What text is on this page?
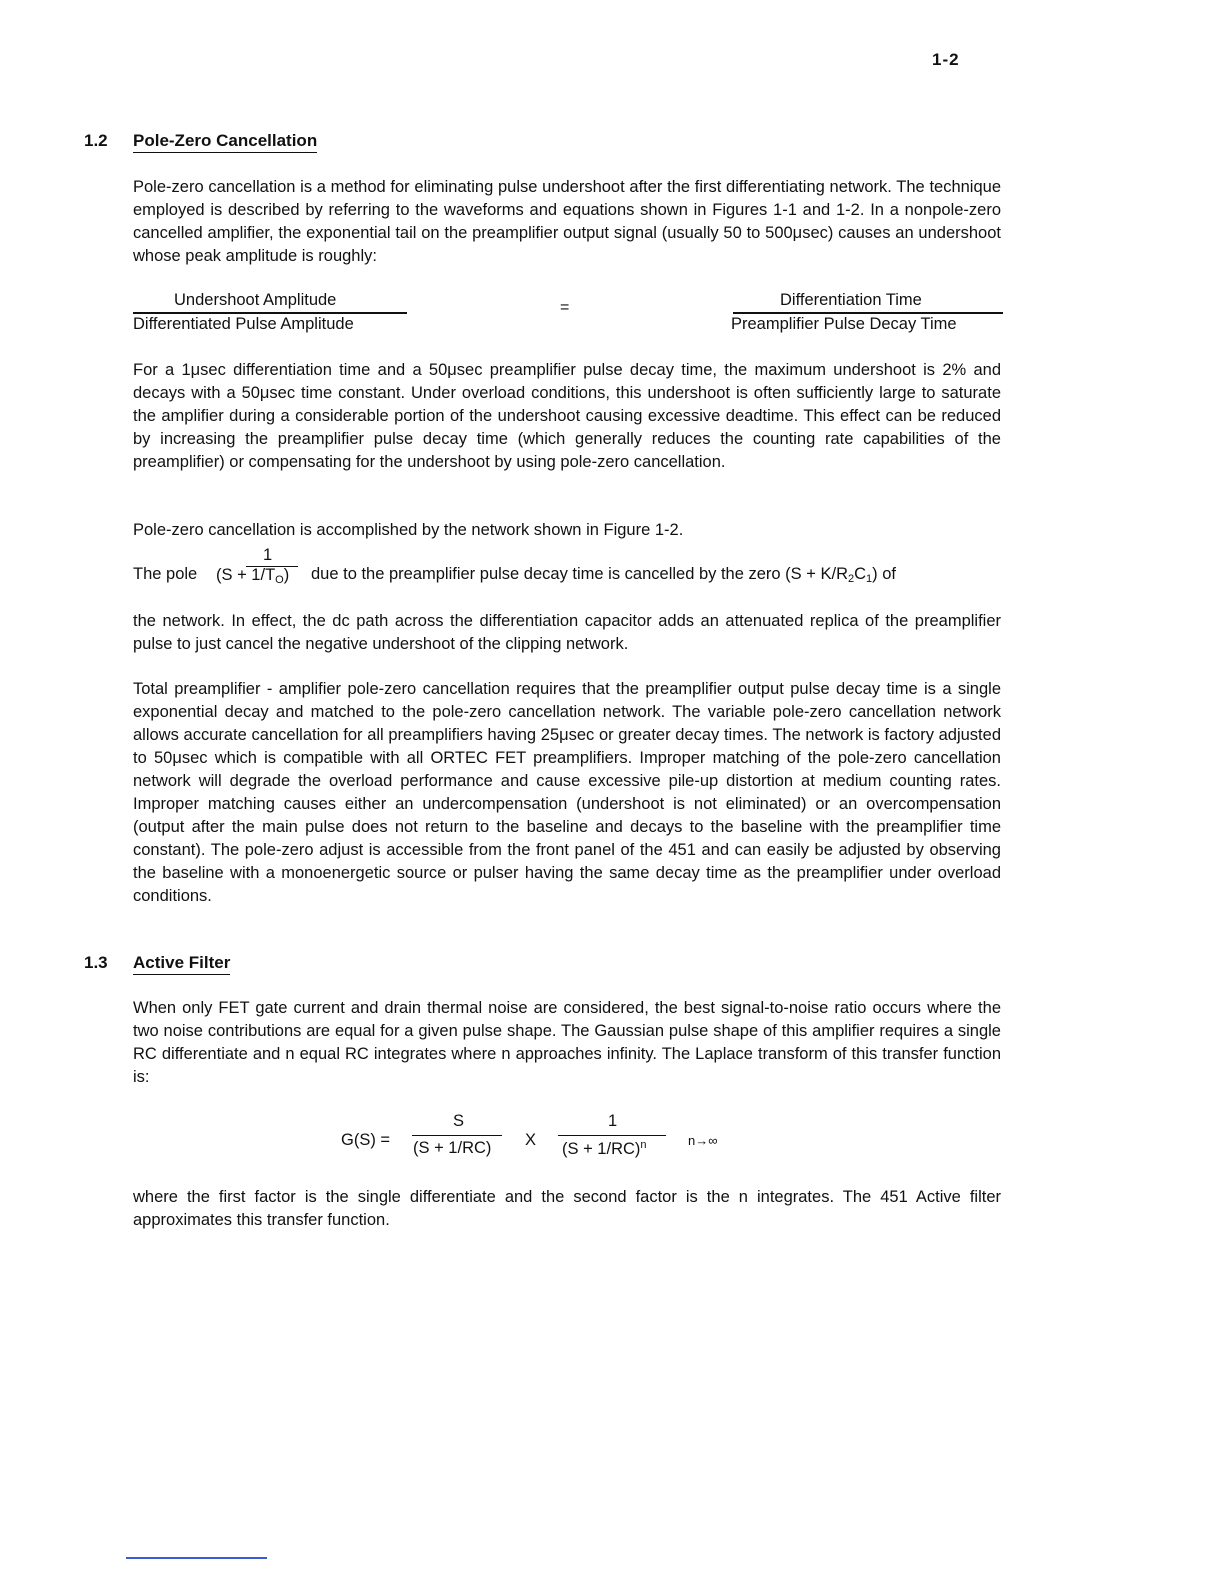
1-2
1.2 Pole-Zero Cancellation

Pole-zero cancellation is a method for eliminating pulse undershoot after the first differentiating network. The technique employed is described by referring to the waveforms and equations shown in Figures 1-1 and 1-2. In a nonpole-zero cancelled amplifier, the exponential tail on the preamplifier output signal (usually 50 to 500μsec) causes an undershoot whose peak amplitude is roughly:

Undershoot Amplitude
Differentiated Pulse Amplitude
=	Differentiation Time
Preamplifier Pulse Decay Time

For a 1μsec differentiation time and a 50μsec preamplifier pulse decay time, the maximum undershoot is 2% and decays with a 50μsec time constant. Under overload conditions, this undershoot is often sufficiently large to saturate the amplifier during a considerable portion of the undershoot causing excessive deadtime. This effect can be reduced by increasing the preamplifier pulse decay time (which generally reduces the counting rate capabilities of the preamplifier) or compensating for the undershoot by using pole-zero cancellation.

Pole-zero cancellation is accomplished by the network shown in Figure 1-2.

The pole
1
$(S + 1/T_O)$ due to the preamplifier pulse decay time is cancelled by the zero $(S + K/R_2C_1)$ of

the network. In effect, the dc path across the differentiation capacitor adds an attenuated replica of the preamplifier pulse to just cancel the negative undershoot of the clipping network.

Total preamplifier - amplifier pole-zero cancellation requires that the preamplifier output pulse decay time is a single exponential decay and matched to the pole-zero cancellation network. The variable pole-zero cancellation network allows accurate cancellation for all preamplifiers having 25μsec or greater decay times. The network is factory adjusted to 50μsec which is compatible with all ORTEC FET preamplifiers. Improper matching of the pole-zero cancellation network will degrade the overload performance and cause excessive pile-up distortion at medium counting rates. Improper matching causes either an undercompensation (undershoot is not eliminated) or an overcompensation (output after the main pulse does not return to the baseline and decays to the baseline with the preamplifier time constant). The pole-zero adjust is accessible from the front panel of the 451 and can easily be adjusted by observing the baseline with a monoenergetic source or pulser having the same decay time as the preamplifier under overload conditions.

1.3 Active Filter

When only FET gate current and drain thermal noise are considered, the best signal-to-noise ratio occurs where the two noise contributions are equal for a given pulse shape. The Gaussian pulse shape of this amplifier requires a single RC differentiate and n equal RC integrates where n approaches infinity. The Laplace transform of this transfer function is:

G(S) =
S
(S + 1/RC) X
1
$(S + 1/RC)^n$	n→∞

where the first factor is the single differentiate and the second factor is the n integrates. The 451 Active filter approximates this transfer function.
